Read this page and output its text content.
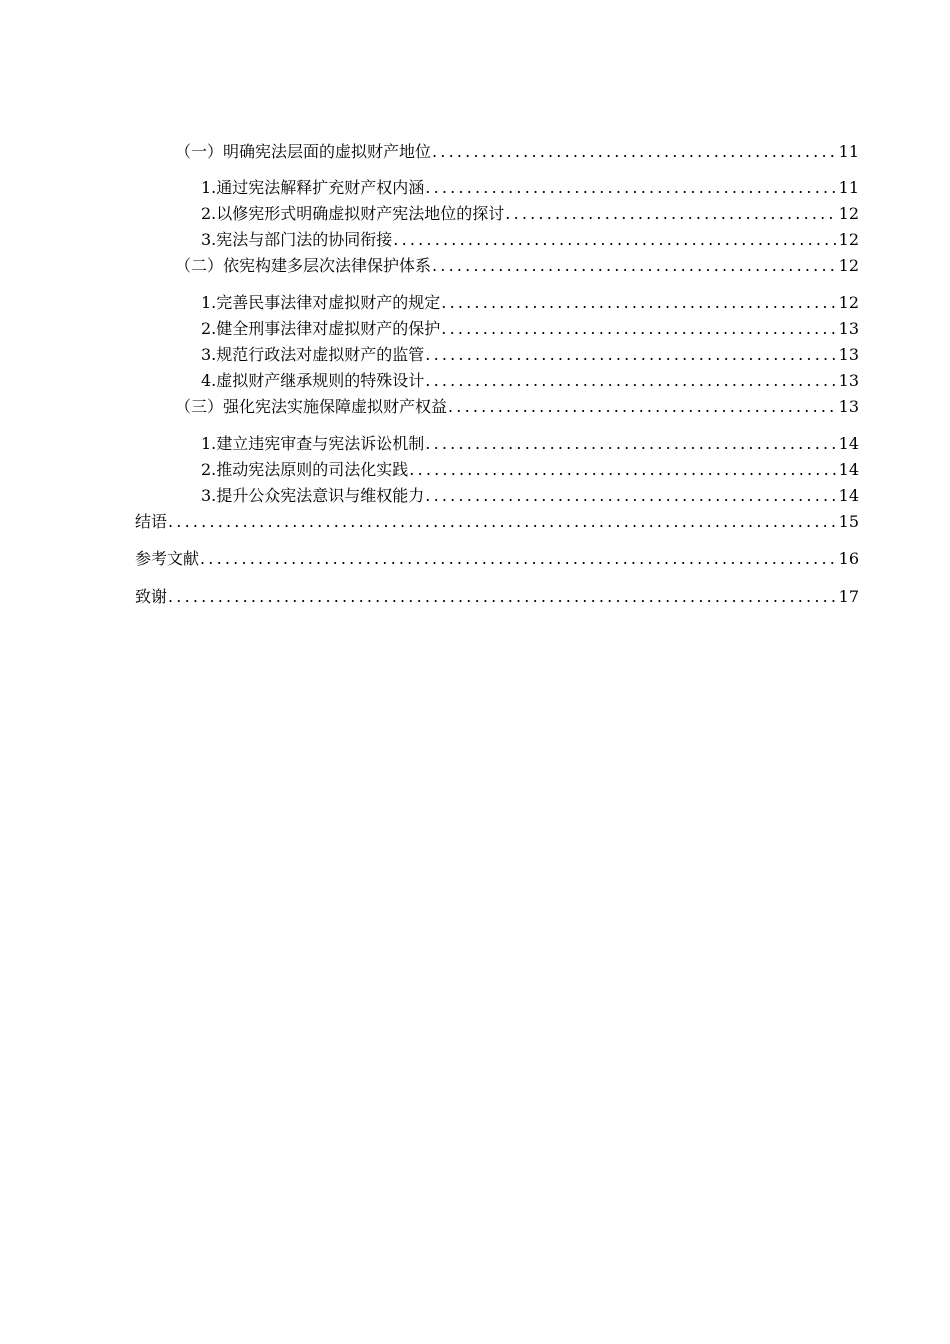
（一）明确宪法层面的虚拟财产地位 .....	11
1.通过宪法解释扩充财产权内涵 .....	11
2.以修宪形式明确虚拟财产宪法地位的探讨 .....	12
3.宪法与部门法的协同衔接 .....	12
（二）依宪构建多层次法律保护体系 .....	12
1.完善民事法律对虚拟财产的规定 .....	12
2.健全刑事法律对虚拟财产的保护 .....	13
3.规范行政法对虚拟财产的监管 .....	13
4.虚拟财产继承规则的特殊设计 .....	13
（三）强化宪法实施保障虚拟财产权益 .....	13
1.建立违宪审查与宪法诉讼机制 .....	14
2.推动宪法原则的司法化实践 .....	14
3.提升公众宪法意识与维权能力 .....	14
结语 .....	15
参考文献 .....	16
致谢 .....	17
